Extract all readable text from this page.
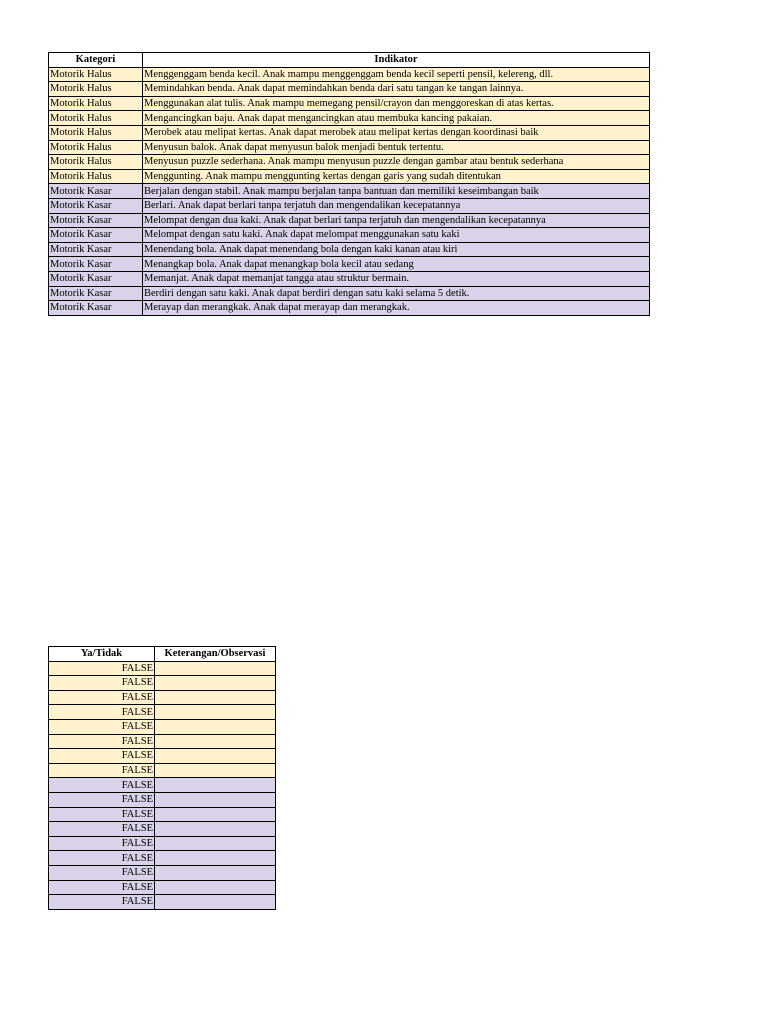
Kategori	Indikator
Motorik Halus	Menggenggam benda kecil. Anak mampu menggenggam benda kecil seperti pensil, kelereng, dll.
Motorik Halus	Memindahkan benda. Anak dapat memindahkan benda dari satu tangan ke tangan lainnya.
Motorik Halus	Menggunakan alat tulis. Anak mampu memegang pensil/crayon dan menggoreskan di atas kertas.
Motorik Halus	Mengancingkan baju. Anak dapat mengancingkan atau membuka kancing pakaian.
Motorik Halus	Merobek atau melipat kertas. Anak dapat merobek atau melipat kertas dengan koordinasi baik
Motorik Halus	Menyusun balok. Anak dapat menyusun balok menjadi bentuk tertentu.
Motorik Halus	Menyusun puzzle sederhana. Anak mampu menyusun puzzle dengan gambar atau bentuk sederhana
Motorik Halus	Menggunting. Anak mampu menggunting kertas dengan garis yang sudah ditentukan
Motorik Kasar	Berjalan dengan stabil. Anak mampu berjalan tanpa bantuan dan memiliki keseimbangan baik
Motorik Kasar	Berlari. Anak dapat berlari tanpa terjatuh dan mengendalikan kecepatannya
Motorik Kasar	Melompat dengan dua kaki. Anak dapat berlari tanpa terjatuh dan mengendalikan kecepatannya
Motorik Kasar	Melompat dengan satu kaki. Anak dapat melompat menggunakan satu kaki
Motorik Kasar	Menendang bola. Anak dapat menendang bola dengan kaki kanan atau kiri
Motorik Kasar	Menangkap bola. Anak dapat menangkap bola kecil atau sedang
Motorik Kasar	Memanjat. Anak dapat memanjat tangga atau struktur bermain.
Motorik Kasar	Berdiri dengan satu kaki. Anak dapat berdiri dengan satu kaki selama 5 detik.
Motorik Kasar	Merayap dan merangkak. Anak dapat merayap dan merangkak.
Ya/Tidak	Keterangan/Observasi
FALSE	
FALSE	
FALSE	
FALSE	
FALSE	
FALSE	
FALSE	
FALSE	
FALSE	
FALSE	
FALSE	
FALSE	
FALSE	
FALSE	
FALSE	
FALSE	
FALSE	
